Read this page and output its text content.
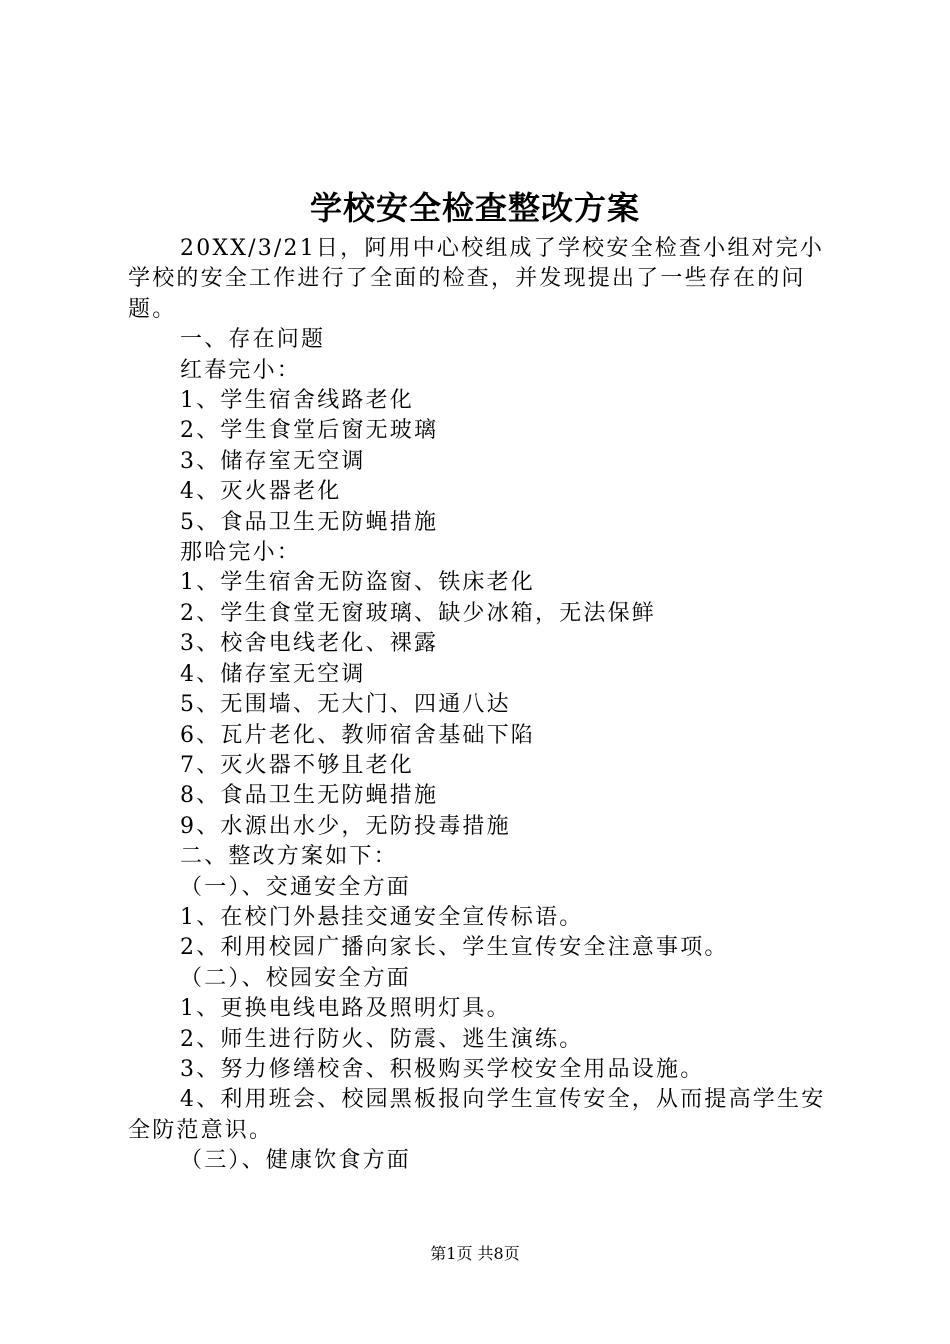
学校安全检查整改方案

20XX/3/21日，阿用中心校组成了学校安全检查小组对完小学校的安全工作进行了全面的检查，并发现提出了一些存在的问题。

一、存在问题

红春完小：

1、学生宿舍线路老化

2、学生食堂后窗无玻璃

3、储存室无空调

4、灭火器老化

5、食品卫生无防蝇措施

那哈完小：

1、学生宿舍无防盗窗、铁床老化

2、学生食堂无窗玻璃、缺少冰箱，无法保鲜

3、校舍电线老化、裸露

4、储存室无空调

5、无围墙、无大门、四通八达

6、瓦片老化、教师宿舍基础下陷

7、灭火器不够且老化

8、食品卫生无防蝇措施

9、水源出水少，无防投毒措施

二、整改方案如下：

（一）、交通安全方面

1、在校门外悬挂交通安全宣传标语。

2、利用校园广播向家长、学生宣传安全注意事项。

（二）、校园安全方面

1、更换电线电路及照明灯具。

2、师生进行防火、防震、逃生演练。

3、努力修缮校舍、积极购买学校安全用品设施。

4、利用班会、校园黑板报向学生宣传安全，从而提高学生安全防范意识。

（三）、健康饮食方面

第1页 共8页
